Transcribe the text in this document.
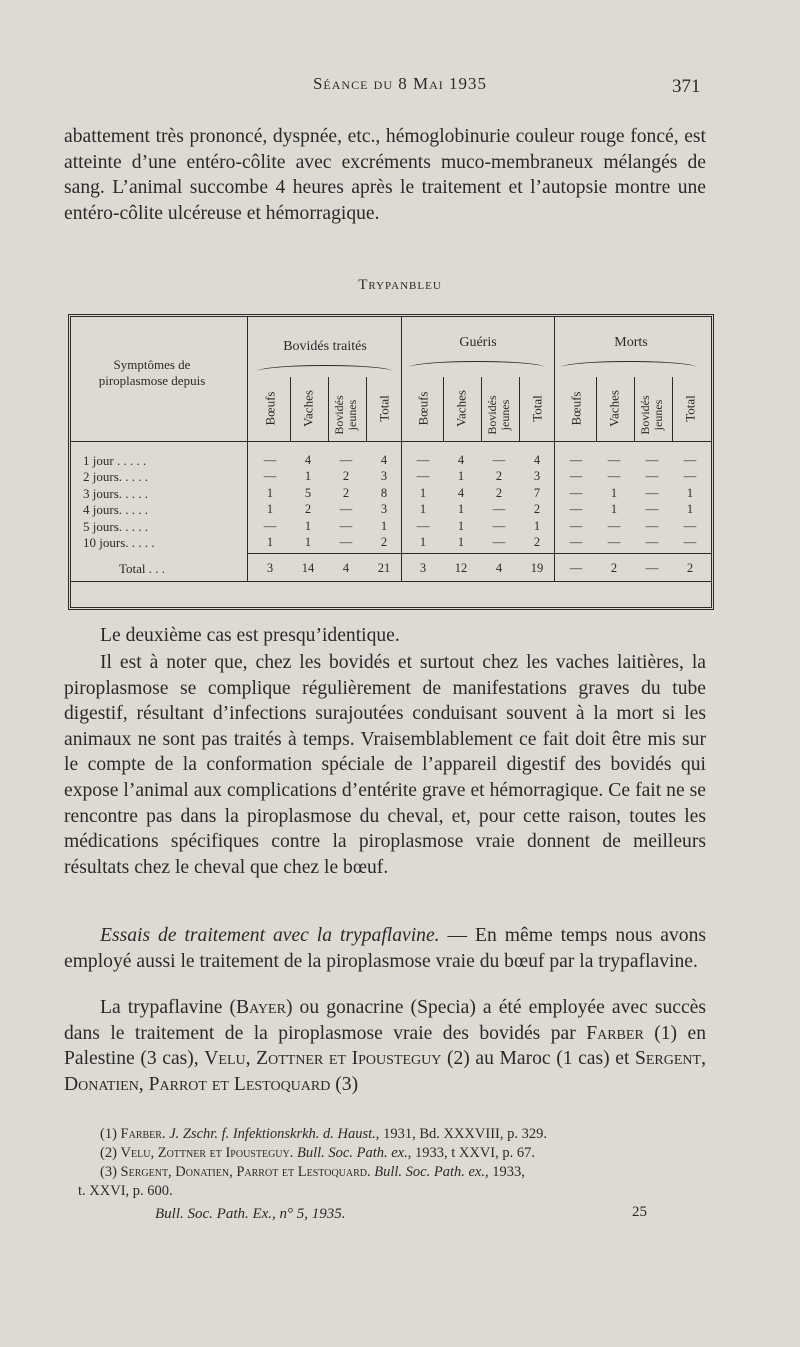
Séance du 8 Mai 1935	371
abattement très prononcé, dyspnée, etc., hémoglobinurie couleur rouge foncé, est atteinte d’une entéro-côlite avec excréments muco-membraneux mélangés de sang. L’animal succombe 4 heures après le traitement et l’autopsie montre une entéro-côlite ulcéreuse et hémorragique.
Trypanbleu
Symptômes de piroplasmose depuis
Bovidés traités	Guéris	Morts
Bœufs Vaches Bovidés jeunes Total Bœufs Vaches Bovidés jeunes Total Bœufs Vaches Bovidés jeunes Total
1 jour . . . . .	—	4	—	4	—	4	—	4	—	—	—	—
2 jours. . . . .	—	1	2	3	—	1	2	3	—	—	—	—
3 jours. . . . .	1	5	2	8	1	4	2	7	—	1	—	1
4 jours. . . . .	1	2	—	3	1	1	—	2	—	1	—	1
5 jours. . . . .	—	1	—	1	—	1	—	1	—	—	—	—
10 jours. . . . .	1	1	—	2	1	1	—	2	—	—	—	—
Total . . .	3	14	4	21	3	12	4	19	—	2	—	2
Le deuxième cas est presqu’identique.
Il est à noter que, chez les bovidés et surtout chez les vaches laitières, la piroplasmose se complique régulièrement de manifestations graves du tube digestif, résultant d’infections surajoutées conduisant souvent à la mort si les animaux ne sont pas traités à temps. Vraisemblablement ce fait doit être mis sur le compte de la conformation spéciale de l’appareil digestif des bovidés qui expose l’animal aux complications d’entérite grave et hémorragique. Ce fait ne se rencontre pas dans la piroplasmose du cheval, et, pour cette raison, toutes les médications spécifiques contre la piroplasmose vraie donnent de meilleurs résultats chez le cheval que chez le bœuf.
Essais de traitement avec la trypaflavine. — En même temps nous avons employé aussi le traitement de la piroplasmose vraie du bœuf par la trypaflavine.
La trypaflavine (Bayer) ou gonacrine (Specia) a été employée avec succès dans le traitement de la piroplasmose vraie des bovidés par Farber (1) en Palestine (3 cas), Velu, Zottner et Ipousteguy (2) au Maroc (1 cas) et Sergent, Donatien, Parrot et Lestoquard (3)
(1) Farber. J. Zschr. f. Infektionskrkh. d. Haust., 1931, Bd. XXXVIII, p. 329.
(2) Velu, Zottner et Ipousteguy. Bull. Soc. Path. ex., 1933, t XXVI, p. 67.
(3) Sergent, Donatien, Parrot et Lestoquard. Bull. Soc. Path. ex., 1933,
t. XXVI, p. 600.
Bull. Soc. Path. Ex., n° 5, 1935.	25
